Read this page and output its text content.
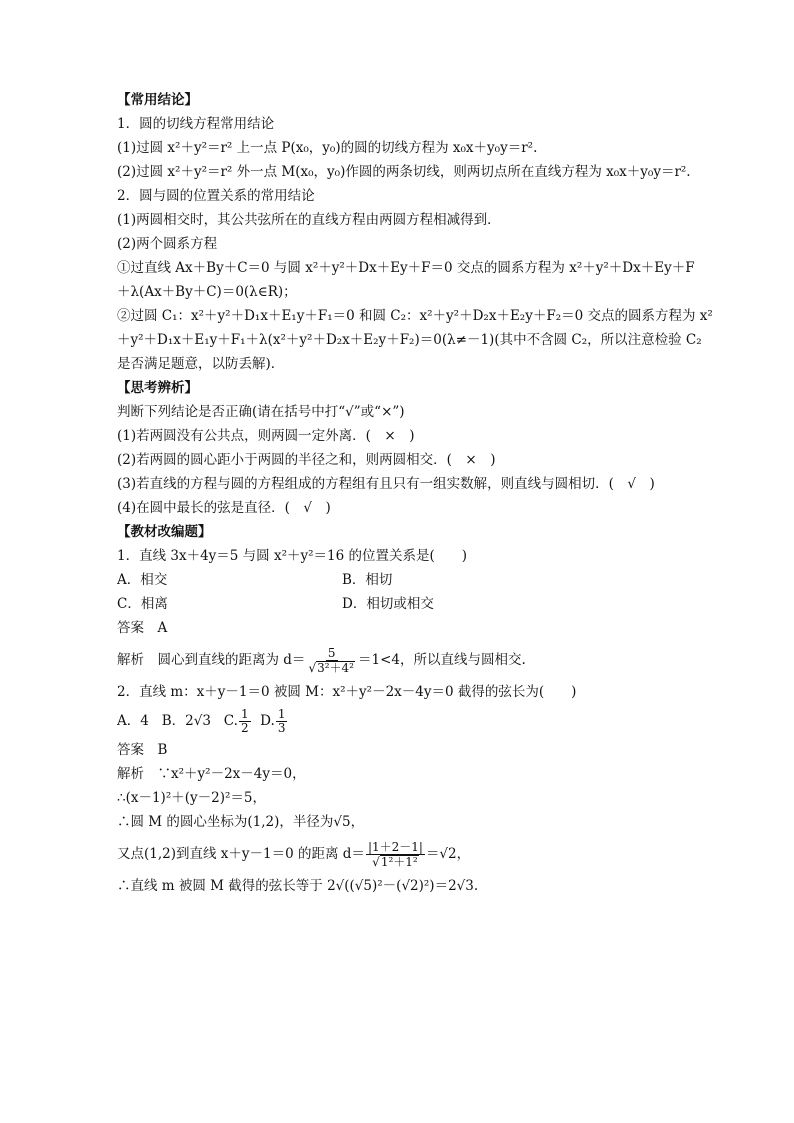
【常用结论】
1．圆的切线方程常用结论
(1)过圆 x²＋y²＝r² 上一点 P(x₀，y₀)的圆的切线方程为 x₀x＋y₀y＝r².
(2)过圆 x²＋y²＝r² 外一点 M(x₀，y₀)作圆的两条切线，则两切点所在直线方程为 x₀x＋y₀y＝r².
2．圆与圆的位置关系的常用结论
(1)两圆相交时，其公共弦所在的直线方程由两圆方程相减得到．
(2)两个圆系方程
①过直线 Ax＋By＋C＝0 与圆 x²＋y²＋Dx＋Ey＋F＝0 交点的圆系方程为 x²＋y²＋Dx＋Ey＋F
＋λ(Ax＋By＋C)＝0(λ∈R)；
②过圆 C₁：x²＋y²＋D₁x＋E₁y＋F₁＝0 和圆 C₂：x²＋y²＋D₂x＋E₂y＋F₂＝0 交点的圆系方程为 x²
＋y²＋D₁x＋E₁y＋F₁＋λ(x²＋y²＋D₂x＋E₂y＋F₂)＝0(λ≠－1)(其中不含圆 C₂，所以注意检验 C₂
是否满足题意，以防丢解)．
【思考辨析】
判断下列结论是否正确(请在括号中打“√”或“×”)
(1)若两圆没有公共点，则两圆一定外离．(　×　)
(2)若两圆的圆心距小于两圆的半径之和，则两圆相交．(　×　)
(3)若直线的方程与圆的方程组成的方程组有且只有一组实数解，则直线与圆相切．(　√　)
(4)在圆中最长的弦是直径．(　√　)
【教材改编题】
1．直线 3x＋4y＝5 与圆 x²＋y²＝16 的位置关系是(　　)
A．相交	B．相切
C．相离	D．相切或相交
答案　A
解析　圆心到直线的距离为 $d= \frac{5}{\text{√3²＋4²}} =1<4$，所以直线与圆相交.
2．直线 m：x＋y－1＝0 被圆 M：x²＋y²－2x－4y＝0 截得的弦长为(　　)
A．4 B．2√3 C. $\frac{1}{2} D$. $\frac{1}{3}$
答案　B
解析　∵x²＋y²－2x－4y＝0，
∴(x－1)²＋(y－2)²＝5，
∴圆 M 的圆心坐标为(1,2)，半径为√5，
又点(1,2)到直线 x＋y－1＝0 的距离 $d= \frac{|1+2-1|}{\text{√1²＋1²}} =√2$，
∴直线 m 被圆 M 截得的弦长等于 2√((√5)²－(√2)²)＝2√3.
